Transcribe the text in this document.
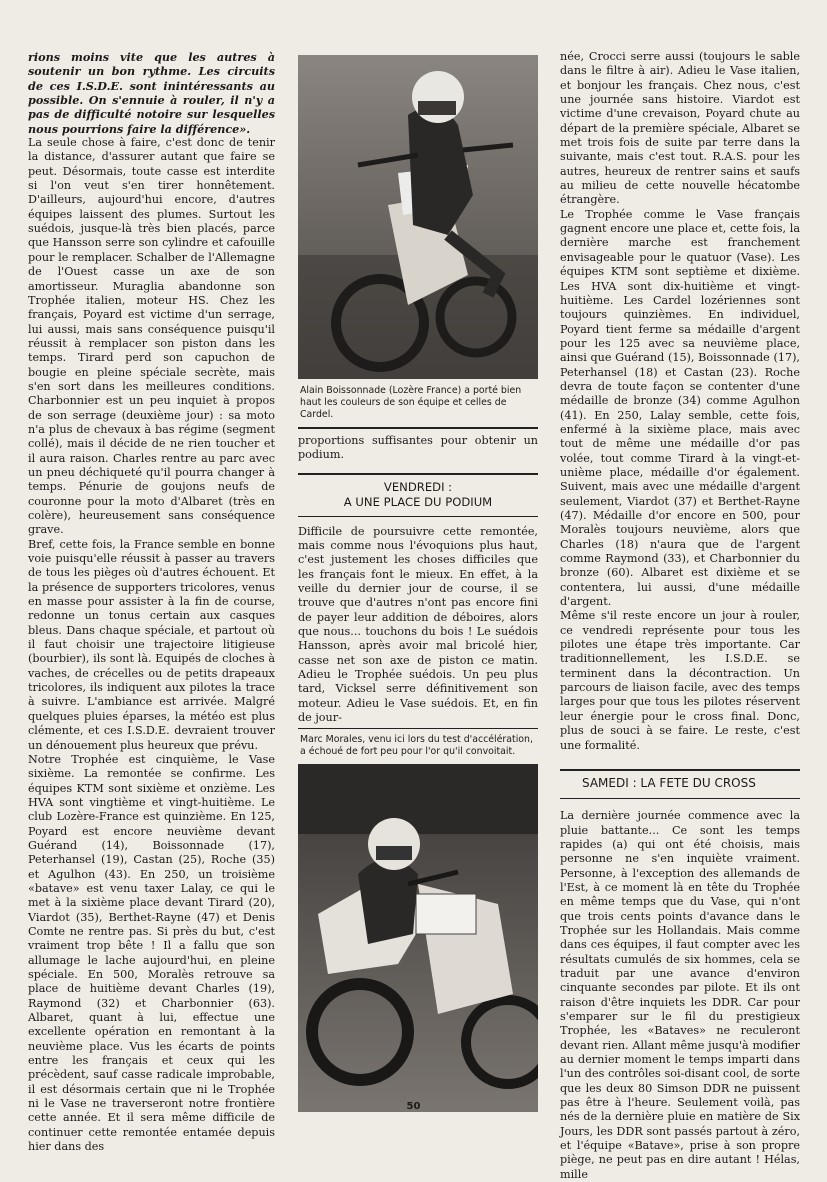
rions moins vite que les autres à soutenir un bon rythme. Les circuits de ces I.S.D.E. sont inintéressants au possible. On s'ennuie à rouler, il n'y a pas de difficulté notoire sur lesquelles nous pourrions faire la différence».

La seule chose à faire, c'est donc de tenir la distance, d'assurer autant que faire se peut. Désormais, toute casse est interdite si l'on veut s'en tirer honnêtement. D'ailleurs, aujourd'hui encore, d'autres équipes laissent des plumes. Surtout les suédois, jusque-là très bien placés, parce que Hansson serre son cylindre et cafouille pour le remplacer. Schalber de l'Allemagne de l'Ouest casse un axe de son amortisseur. Muraglia abandonne son Trophée italien, moteur HS. Chez les français, Poyard est victime d'un serrage, lui aussi, mais sans conséquence puisqu'il réussit à remplacer son piston dans les temps. Tirard perd son capuchon de bougie en pleine spéciale secrète, mais s'en sort dans les meilleures conditions. Charbonnier est un peu inquiet à propos de son serrage (deuxième jour) : sa moto n'a plus de chevaux à bas régime (segment collé), mais il décide de ne rien toucher et il aura raison. Charles rentre au parc avec un pneu déchiqueté qu'il pourra changer à temps. Pénurie de goujons neufs de couronne pour la moto d'Albaret (très en colère), heureusement sans conséquence grave.

Bref, cette fois, la France semble en bonne voie puisqu'elle réussit à passer au travers de tous les pièges où d'autres échouent. Et la présence de supporters tricolores, venus en masse pour assister à la fin de course, redonne un tonus certain aux casques bleus. Dans chaque spéciale, et partout où il faut choisir une trajectoire litigieuse (bourbier), ils sont là. Equipés de cloches à vaches, de crécelles ou de petits drapeaux tricolores, ils indiquent aux pilotes la trace à suivre. L'ambiance est arrivée. Malgré quelques pluies éparses, la météo est plus clémente, et ces I.S.D.E. devraient trouver un dénouement plus heureux que prévu.

Notre Trophée est cinquième, le Vase sixième. La remontée se confirme. Les équipes KTM sont sixième et onzième. Les HVA sont vingtième et vingt-huitième. Le club Lozère-France est quinzième. En 125, Poyard est encore neuvième devant Guérand (14), Boissonnade (17), Peterhansel (19), Castan (25), Roche (35) et Agulhon (43). En 250, un troisième «batave» est venu taxer Lalay, ce qui le met à la sixième place devant Tirard (20), Viardot (35), Berthet-Rayne (47) et Denis Comte ne rentre pas. Si près du but, c'est vraiment trop bête ! Il a fallu que son allumage le lache aujourd'hui, en pleine spéciale. En 500, Moralès retrouve sa place de huitième devant Charles (19), Raymond (32) et Charbonnier (63). Albaret, quant à lui, effectue une excellente opération en remontant à la neuvième place. Vus les écarts de points entre les français et ceux qui les précèdent, sauf casse radicale improbable, il est désormais certain que ni le Trophée ni le Vase ne traverseront notre frontière cette année. Et il sera même difficile de continuer cette remontée entamée depuis hier dans des

Alain Boissonnade (Lozère France) a porté bien haut les couleurs de son équipe et celles de Cardel.

proportions suffisantes pour obtenir un podium.

VENDREDI :
A UNE PLACE DU PODIUM

Difficile de poursuivre cette remontée, mais comme nous l'évoquions plus haut, c'est justement les choses difficiles que les français font le mieux. En effet, à la veille du dernier jour de course, il se trouve que d'autres n'ont pas encore fini de payer leur addition de déboires, alors que nous... touchons du bois ! Le suédois Hansson, après avoir mal bricolé hier, casse net son axe de piston ce matin. Adieu le Trophée suédois. Un peu plus tard, Vicksel serre définitivement son moteur. Adieu le Vase suédois. Et, en fin de jour-

Marc Morales, venu ici lors du test d'accélération, a échoué de fort peu pour l'or qu'il convoitait.

née, Crocci serre aussi (toujours le sable dans le filtre à air). Adieu le Vase italien, et bonjour les français. Chez nous, c'est une journée sans histoire. Viardot est victime d'une crevaison, Poyard chute au départ de la première spéciale, Albaret se met trois fois de suite par terre dans la suivante, mais c'est tout. R.A.S. pour les autres, heureux de rentrer sains et saufs au milieu de cette nouvelle hécatombe étrangère.

Le Trophée comme le Vase français gagnent encore une place et, cette fois, la dernière marche est franchement envisageable pour le quatuor (Vase). Les équipes KTM sont septième et dixième. Les HVA sont dix-huitième et vingt-huitième. Les Cardel lozériennes sont toujours quinzièmes. En individuel, Poyard tient ferme sa médaille d'argent pour les 125 avec sa neuvième place, ainsi que Guérand (15), Boissonnade (17), Peterhansel (18) et Castan (23). Roche devra de toute façon se contenter d'une médaille de bronze (34) comme Agulhon (41). En 250, Lalay semble, cette fois, enfermé à la sixième place, mais avec tout de même une médaille d'or pas volée, tout comme Tirard à la vingt-et-unième place, médaille d'or également. Suivent, mais avec une médaille d'argent seulement, Viardot (37) et Berthet-Rayne (47). Médaille d'or encore en 500, pour Moralès toujours neuvième, alors que Charles (18) n'aura que de l'argent comme Raymond (33), et Charbonnier du bronze (60). Albaret est dixième et se contentera, lui aussi, d'une médaille d'argent.

Même s'il reste encore un jour à rouler, ce vendredi représente pour tous les pilotes une étape très importante. Car traditionnellement, les I.S.D.E. se terminent dans la décontraction. Un parcours de liaison facile, avec des temps larges pour que tous les pilotes réservent leur énergie pour le cross final. Donc, plus de souci à se faire. Le reste, c'est une formalité.

SAMEDI : LA FETE DU CROSS

La dernière journée commence avec la pluie battante... Ce sont les temps rapides (a) qui ont été choisis, mais personne ne s'en inquiète vraiment. Personne, à l'exception des allemands de l'Est, à ce moment là en tête du Trophée en même temps que du Vase, qui n'ont que trois cents points d'avance dans le Trophée sur les Hollandais. Mais comme dans ces équipes, il faut compter avec les résultats cumulés de six hommes, cela se traduit par une avance d'environ cinquante secondes par pilote. Et ils ont raison d'être inquiets les DDR. Car pour s'emparer sur le fil du prestigieux Trophée, les «Bataves» ne reculeront devant rien. Allant même jusqu'à modifier au dernier moment le temps imparti dans l'un des contrôles soi-disant cool, de sorte que les deux 80 Simson DDR ne puissent pas être à l'heure. Seulement voilà, pas nés de la dernière pluie en matière de Six Jours, les DDR sont passés partout à zéro, et l'équipe «Batave», prise à son propre piège, ne peut pas en dire autant ! Hélas, mille

50
